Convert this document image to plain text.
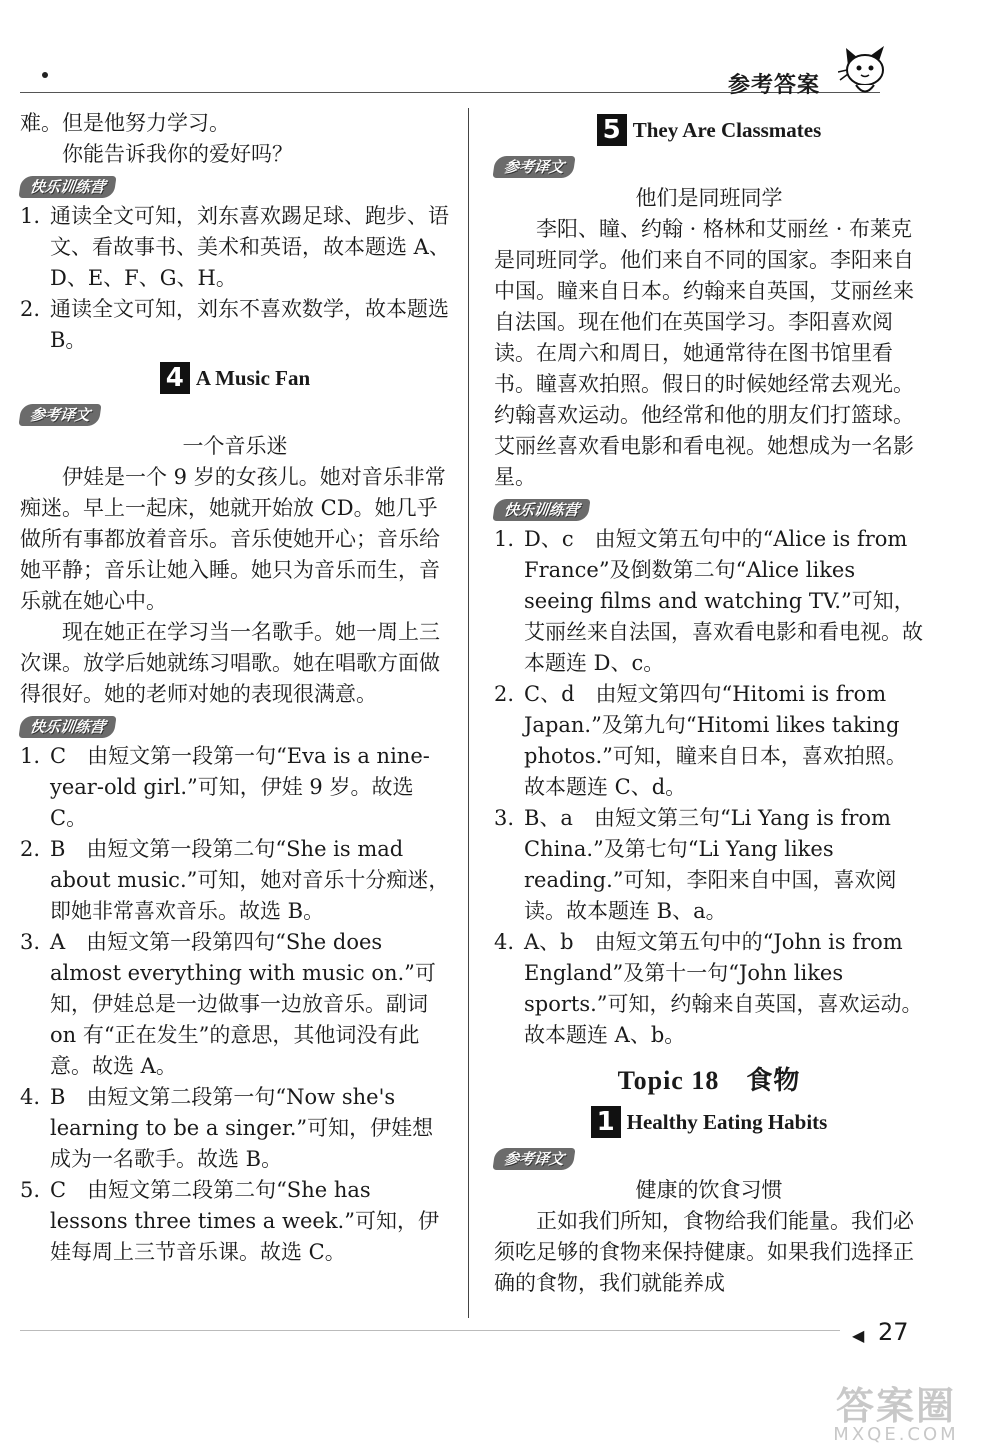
参考答案

难。但是他努力学习。

你能告诉我你的爱好吗？

快乐训练营
1. 通读全文可知，刘东喜欢踢足球、跑步、语文、看故事书、美术和英语，故本题选 A、D、E、F、G、H。
2. 通读全文可知，刘东不喜欢数学，故本题选 B。
4 A Music Fan
参考译文

一个音乐迷

伊娃是一个 9 岁的女孩儿。她对音乐非常痴迷。早上一起床，她就开始放 CD。她几乎做所有事都放着音乐。音乐使她开心；音乐给她平静；音乐让她入睡。她只为音乐而生，音乐就在她心中。

现在她正在学习当一名歌手。她一周上三次课。放学后她就练习唱歌。她在唱歌方面做得很好。她的老师对她的表现很满意。

快乐训练营
1. C　由短文第一段第一句“Eva is a nine-year-old girl.”可知，伊娃 9 岁。故选 C。
2. B　由短文第一段第二句“She is mad about music.”可知，她对音乐十分痴迷，即她非常喜欢音乐。故选 B。
3. A　由短文第一段第四句“She does almost everything with music on.”可知，伊娃总是一边做事一边放音乐。副词 on 有“正在发生”的意思，其他词没有此意。故选 A。
4. B　由短文第二段第一句“Now she's learning to be a singer.”可知，伊娃想成为一名歌手。故选 B。
5. C　由短文第二段第二句“She has lessons three times a week.”可知，伊娃每周上三节音乐课。故选 C。
5 They Are Classmates
参考译文

他们是同班同学

李阳、瞳、约翰 · 格林和艾丽丝 · 布莱克是同班同学。他们来自不同的国家。李阳来自中国。瞳来自日本。约翰来自英国，艾丽丝来自法国。现在他们在英国学习。李阳喜欢阅读。在周六和周日，她通常待在图书馆里看书。瞳喜欢拍照。假日的时候她经常去观光。约翰喜欢运动。他经常和他的朋友们打篮球。艾丽丝喜欢看电影和看电视。她想成为一名影星。

快乐训练营
1. D、c　由短文第五句中的“Alice is from France”及倒数第二句“Alice likes seeing films and watching TV.”可知，艾丽丝来自法国，喜欢看电影和看电视。故本题连 D、c。
2. C、d　由短文第四句“Hitomi is from Japan.”及第九句“Hitomi likes taking photos.”可知，瞳来自日本，喜欢拍照。故本题连 C、d。
3. B、a　由短文第三句“Li Yang is from China.”及第七句“Li Yang likes reading.”可知，李阳来自中国，喜欢阅读。故本题连 B、a。
4. A、b　由短文第五句中的“John is from England”及第十一句“John likes sports.”可知，约翰来自英国，喜欢运动。故本题连 A、b。
Topic 18　食物
1 Healthy Eating Habits
参考译文

健康的饮食习惯

正如我们所知，食物给我们能量。我们必须吃足够的食物来保持健康。如果我们选择正确的食物，我们就能养成

◀ 27
答案圈
MXQE.COM
